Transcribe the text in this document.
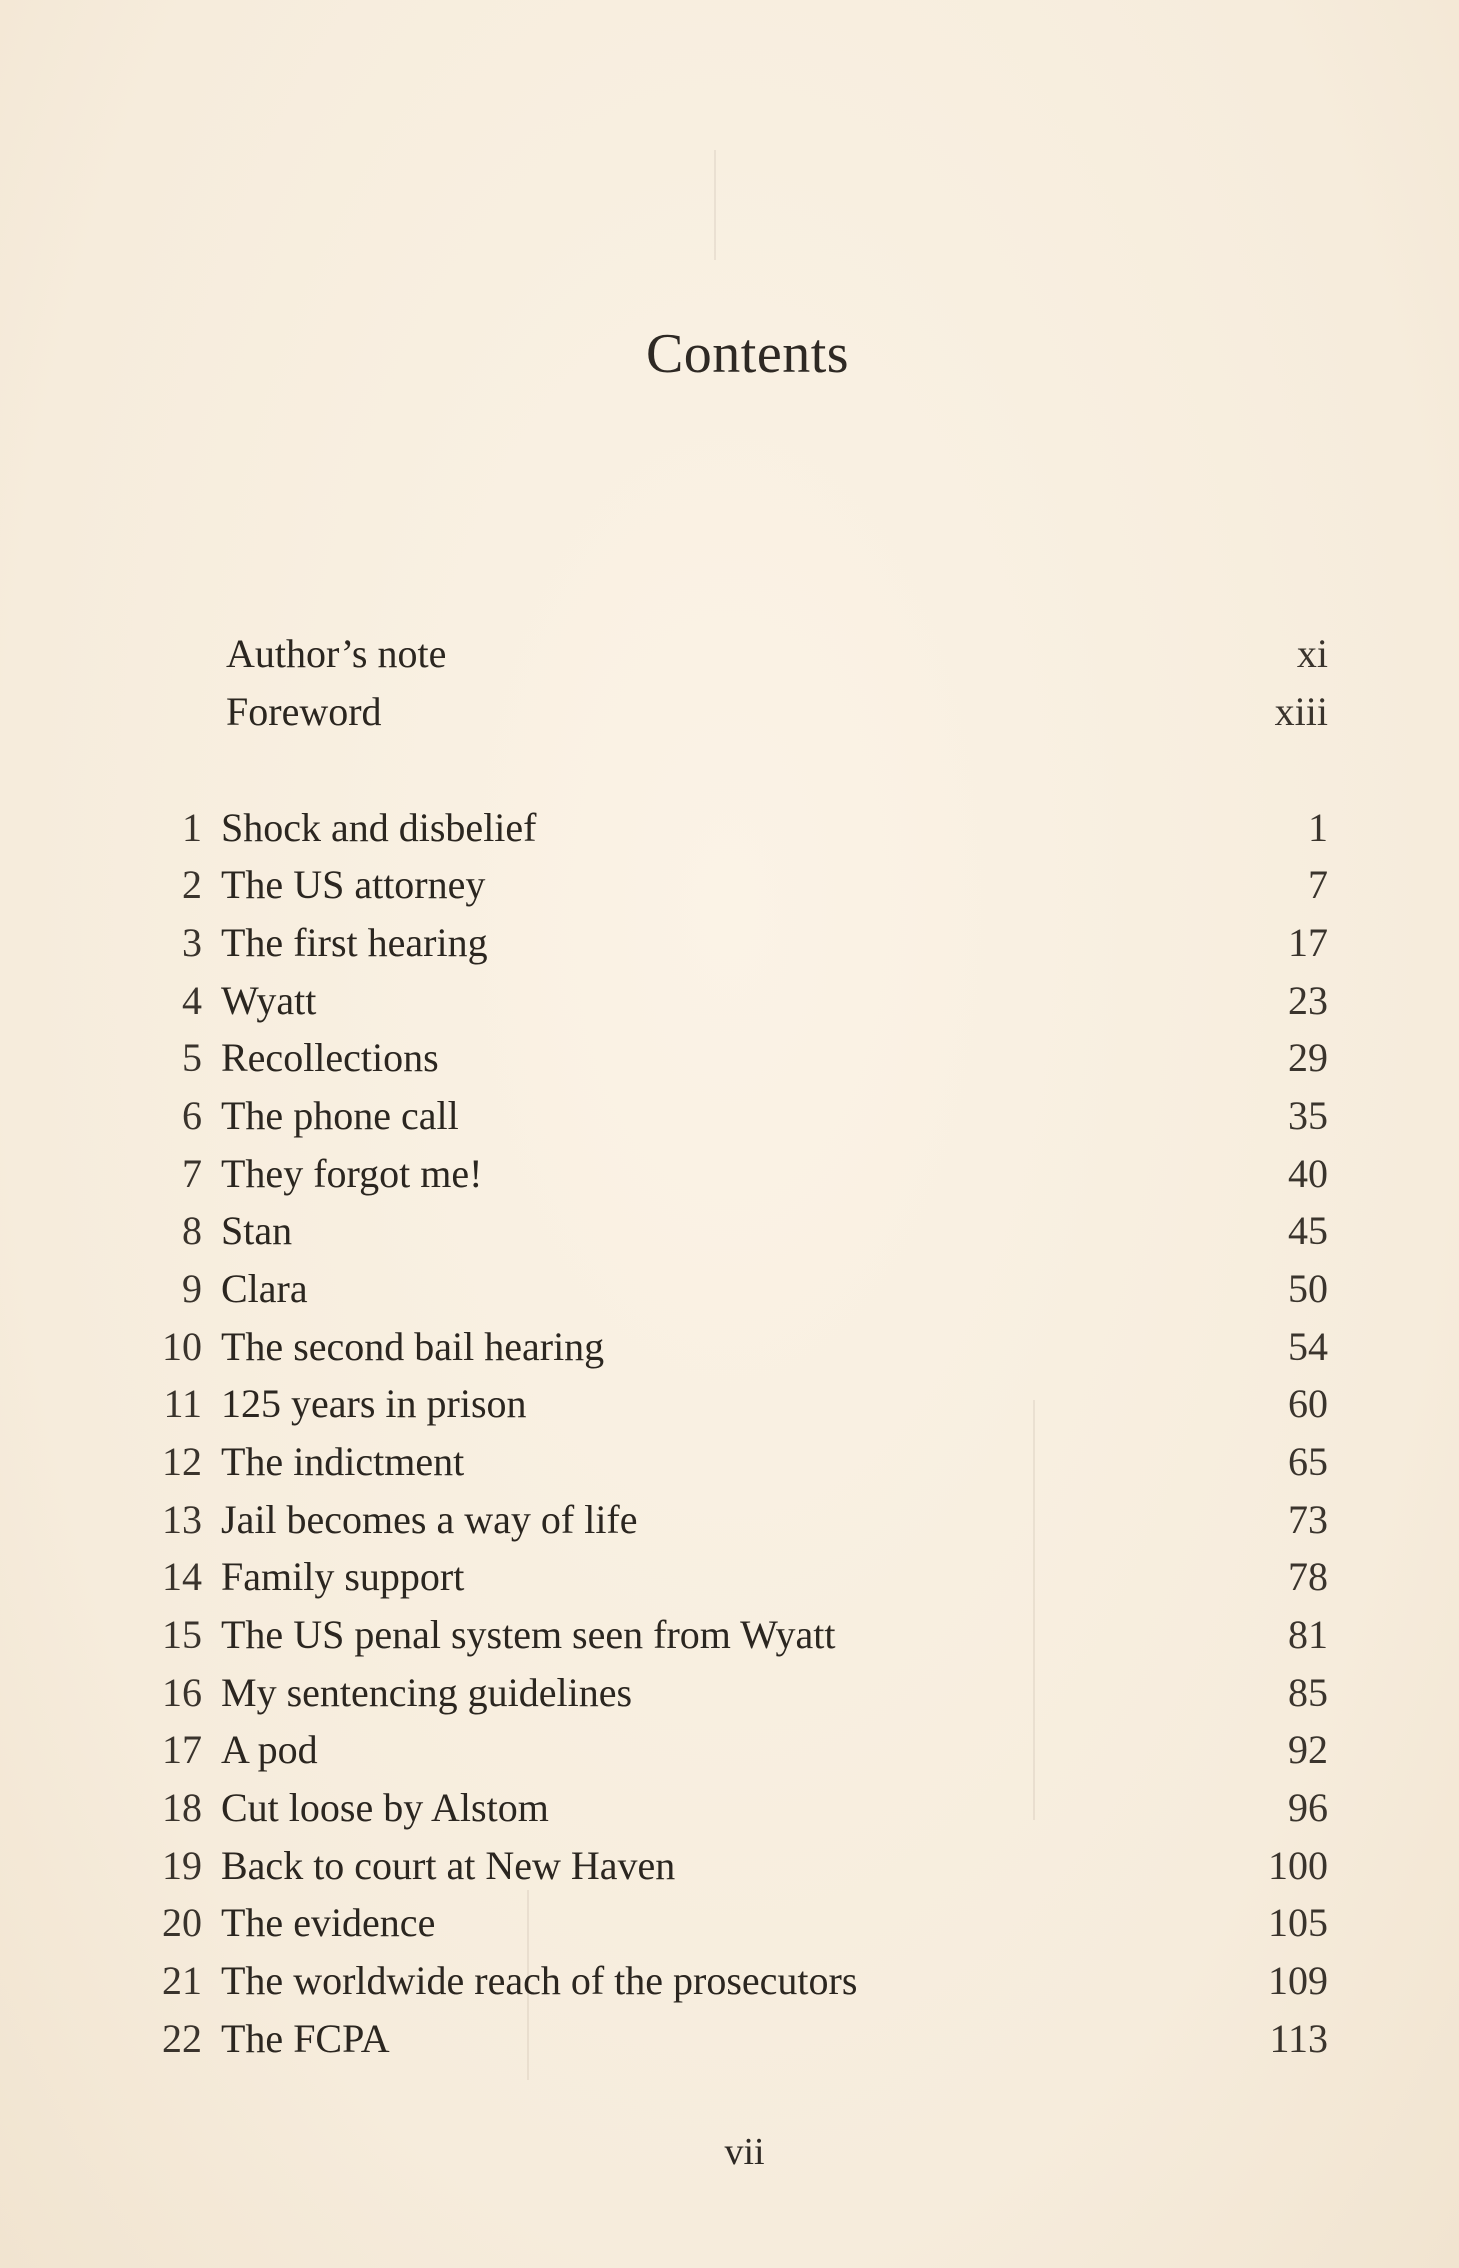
Contents
Author’s note	xi
Foreword	xiii
1 Shock and disbelief	1
2 The US attorney	7
3 The first hearing	17
4 Wyatt	23
5 Recollections	29
6 The phone call	35
7 They forgot me!	40
8 Stan	45
9 Clara	50
10 The second bail hearing	54
11 125 years in prison	60
12 The indictment	65
13 Jail becomes a way of life	73
14 Family support	78
15 The US penal system seen from Wyatt	81
16 My sentencing guidelines	85
17 A pod	92
18 Cut loose by Alstom	96
19 Back to court at New Haven	100
20 The evidence	105
21 The worldwide reach of the prosecutors	109
22 The FCPA	113
vii
